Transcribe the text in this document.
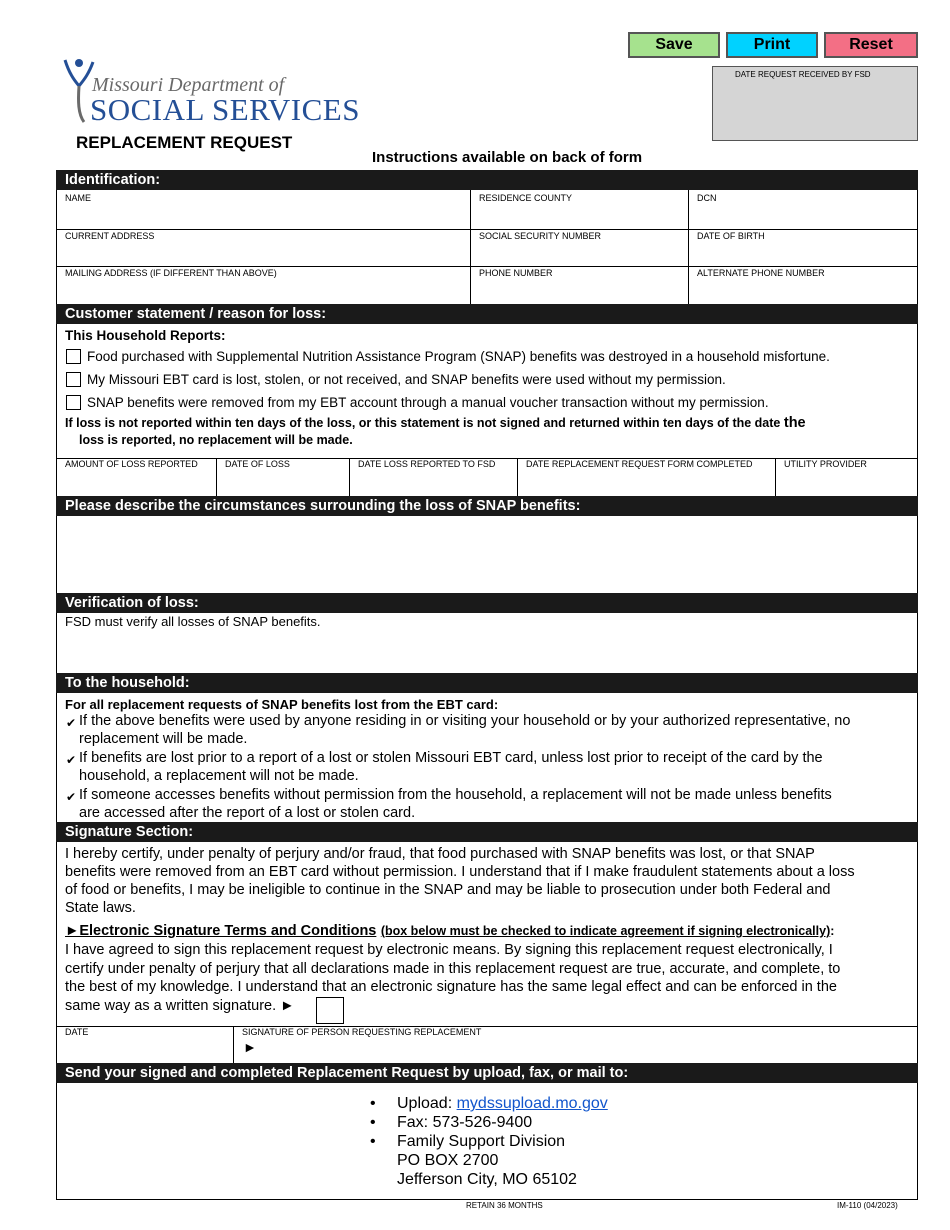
Save	Print	Reset
DATE REQUEST RECEIVED BY FSD
Missouri Department of
SOCIAL SERVICES
REPLACEMENT REQUEST
Instructions available on back of form
Identification:
NAME	RESIDENCE COUNTY	DCN
CURRENT ADDRESS	SOCIAL SECURITY NUMBER	DATE OF BIRTH
MAILING ADDRESS (IF DIFFERENT THAN ABOVE)	PHONE NUMBER	ALTERNATE PHONE NUMBER
Customer statement / reason for loss:
This Household Reports:
Food purchased with Supplemental Nutrition Assistance Program (SNAP) benefits was destroyed in a household misfortune.
My Missouri EBT card is lost, stolen, or not received, and SNAP benefits were used without my permission.
SNAP benefits were removed from my EBT account through a manual voucher transaction without my permission.
If loss is not reported within ten days of the loss, or this statement is not signed and returned within ten days of the date the
loss is reported, no replacement will be made.
AMOUNT OF LOSS REPORTED	DATE OF LOSS	DATE LOSS REPORTED TO FSD	DATE REPLACEMENT REQUEST FORM COMPLETED	UTILITY PROVIDER
Please describe the circumstances surrounding the loss of SNAP benefits:
Verification of loss:
FSD must verify all losses of SNAP benefits.
To the household:
For all replacement requests of SNAP benefits lost from the EBT card:
✔ If the above benefits were used by anyone residing in or visiting your household or by your authorized representative, no
replacement will be made.
✔ If benefits are lost prior to a report of a lost or stolen Missouri EBT card, unless lost prior to receipt of the card by the
household, a replacement will not be made.
✔ If someone accesses benefits without permission from the household, a replacement will not be made unless benefits
are accessed after the report of a lost or stolen card.
Signature Section:
I hereby certify, under penalty of perjury and/or fraud, that food purchased with SNAP benefits was lost, or that SNAP
benefits were removed from an EBT card without permission. I understand that if I make fraudulent statements about a loss
of food or benefits, I may be ineligible to continue in the SNAP and may be liable to prosecution under both Federal and
State laws.
►Electronic Signature Terms and Conditions (box below must be checked to indicate agreement if signing electronically):
I have agreed to sign this replacement request by electronic means. By signing this replacement request electronically, I
certify under penalty of perjury that all declarations made in this replacement request are true, accurate, and complete, to
the best of my knowledge. I understand that an electronic signature has the same legal effect and can be enforced in the
same way as a written signature. ►
DATE	SIGNATURE OF PERSON REQUESTING REPLACEMENT
►
Send your signed and completed Replacement Request by upload, fax, or mail to:
• Upload: mydssupload.mo.gov
• Fax: 573-526-9400
• Family Support Division
PO BOX 2700
Jefferson City, MO 65102
RETAIN 36 MONTHS	IM-110 (04/2023)
